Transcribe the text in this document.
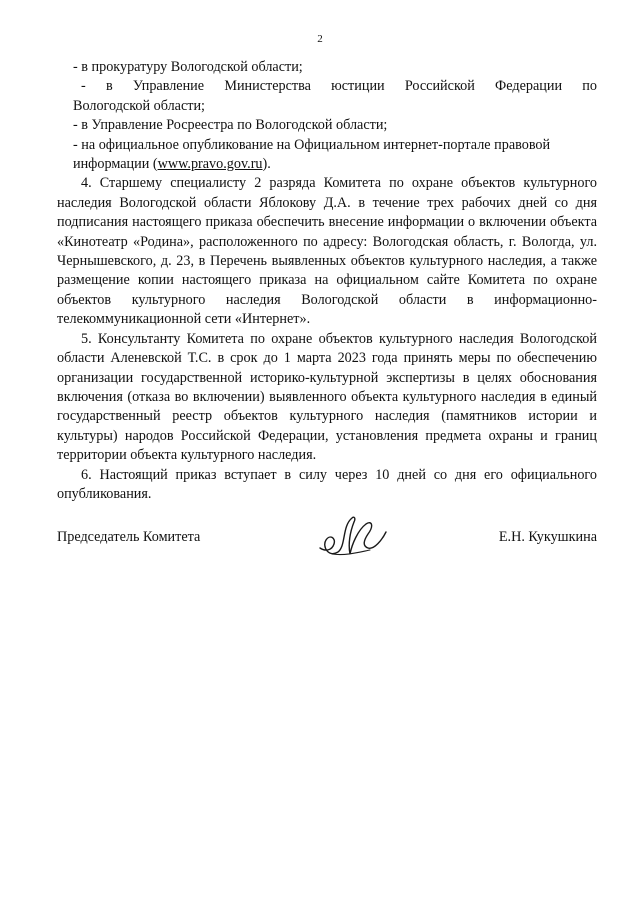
2

- в прокуратуру Вологодской области;

- в Управление Министерства юстиции Российской Федерации по

Вологодской области;

- в Управление Росреестра по Вологодской области;

- на официальное опубликование на Официальном интернет-портале правовой

информации (www.pravo.gov.ru).

4. Старшему специалисту 2 разряда Комитета по охране объектов культурного наследия Вологодской области Яблокову Д.А. в течение трех рабочих дней со дня подписания настоящего приказа обеспечить внесение информации о включении объекта «Кинотеатр «Родина», расположенного по адресу: Вологодская область, г. Вологда, ул. Чернышевского, д. 23, в Перечень выявленных объектов культурного наследия, а также размещение копии настоящего приказа на официальном сайте Комитета по охране объектов культурного наследия Вологодской области в информационно-телекоммуникационной сети «Интернет».

5. Консультанту Комитета по охране объектов культурного наследия Вологодской области Аленевской Т.С. в срок до 1 марта 2023 года принять меры по обеспечению организации государственной историко-культурной экспертизы в целях обоснования включения (отказа во включении) выявленного объекта культурного наследия в единый государственный реестр объектов культурного наследия (памятников истории и культуры) народов Российской Федерации, установления предмета охраны и границ территории объекта культурного наследия.

6. Настоящий приказ вступает в силу через 10 дней со дня его официального опубликования.

Председатель Комитета	Е.Н. Кукушкина
